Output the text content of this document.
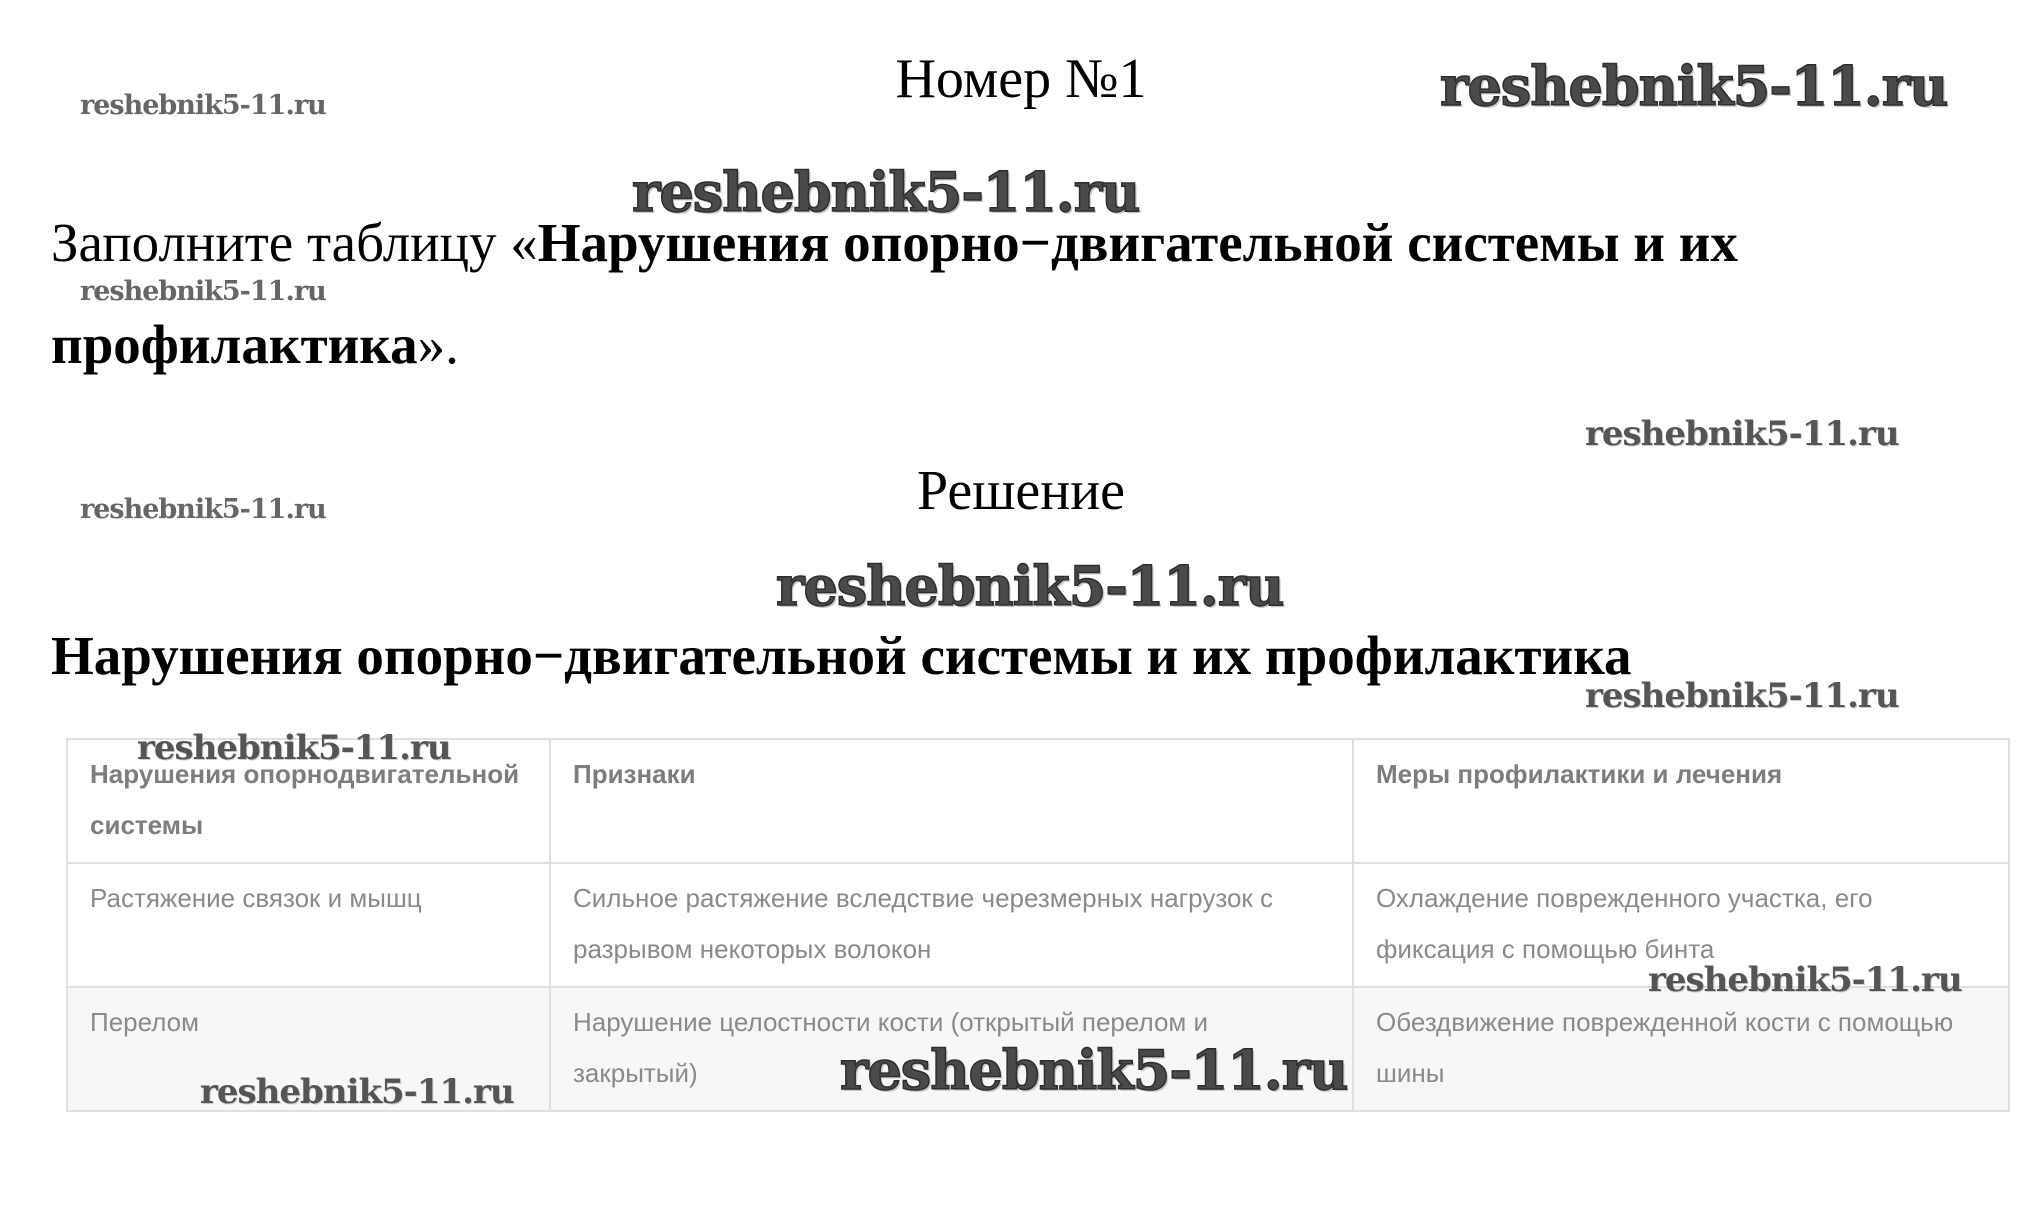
Номер №1
Заполните таблицу «Нарушения опорно−двигательной системы и их профилактика».
Решение
Нарушения опорно−двигательной системы и их профилактика
Нарушения опорнодвигательной системы	Признаки	Меры профилактики и лечения
Растяжение связок и мышц	Сильное растяжение вследствие черезмерных нагрузок с разрывом некоторых волокон	Охлаждение поврежденного участка, его фиксация с помощью бинта
Перелом	Нарушение целостности кости (открытый перелом и закрытый)	Обездвижение поврежденной кости с помощью шины
reshebnik5-11.ru	reshebnik5-11.ru
reshebnik5-11.ru
reshebnik5-11.ru
reshebnik5-11.ru
reshebnik5-11.ru
reshebnik5-11.ru
reshebnik5-11.ru
reshebnik5-11.ru
reshebnik5-11.ru
reshebnik5-11.ru
reshebnik5-11.ru
